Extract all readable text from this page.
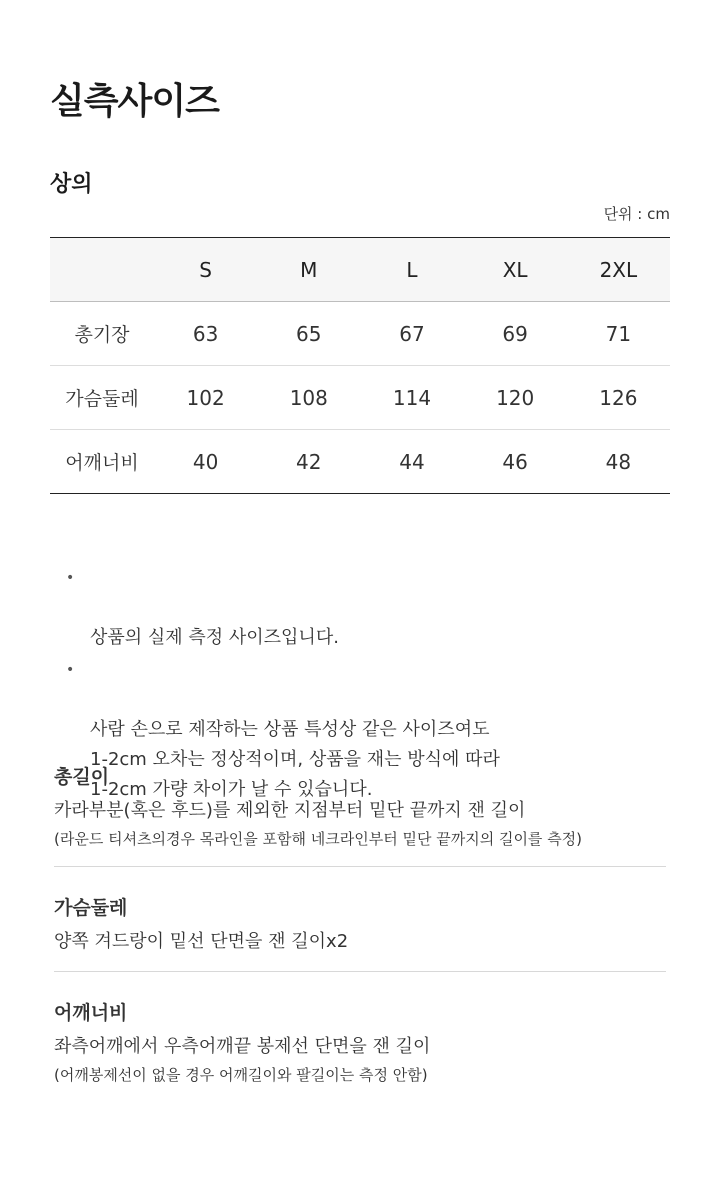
실측사이즈
상의
단위 : cm
	S	M	L	XL	2XL
총기장	63	65	67	69	71
가슴둘레	102	108	114	120	126
어깨너비	40	42	44	46	48

•

상품의 실제 측정 사이즈입니다.

•

사람 손으로 제작하는 상품 특성상 같은 사이즈여도
1-2cm 오차는 정상적이며, 상품을 재는 방식에 따라
1-2cm 가량 차이가 날 수 있습니다.

총길이

카라부분(혹은 후드)를 제외한 지점부터 밑단 끝까지 잰 길이

(라운드 티셔츠의경우 목라인을 포함해 네크라인부터 밑단 끝까지의 길이를 측정)

가슴둘레

양쪽 겨드랑이 밑선 단면을 잰 길이x2

어깨너비

좌측어깨에서 우측어깨끝 봉제선 단면을 잰 길이

(어깨봉제선이 없을 경우 어깨길이와 팔길이는 측정 안함)
